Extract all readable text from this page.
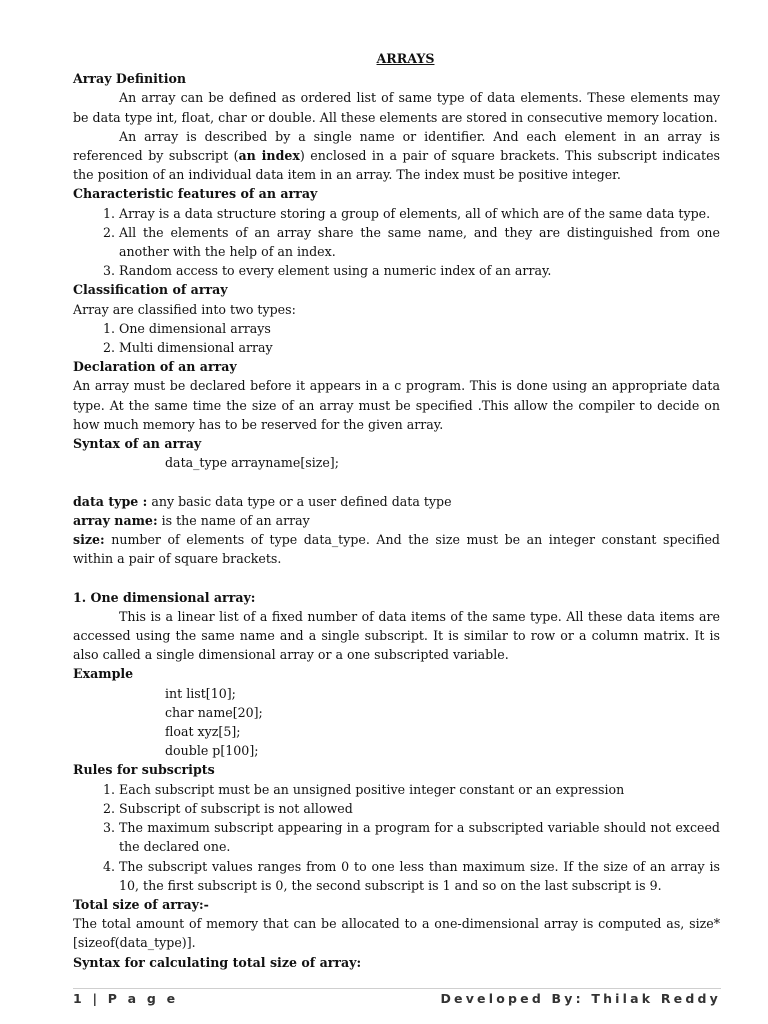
ARRAYS

Array Definition

An array can be defined as ordered list of same type of data elements. These elements may be data type int, float, char or double. All these elements are stored in consecutive memory location.

An array is described by a single name or identifier. And each element in an array is referenced by subscript (an index) enclosed in a pair of square brackets. This subscript indicates the position of an individual data item in an array. The index must be positive integer.

Characteristic features of an array

1. Array is a data structure storing a group of elements, all of which are of the same data type.
2. All the elements of an array share the same name, and they are distinguished from one another with the help of an index.
3. Random access to every element using a numeric index of an array.

Classification of array

Array are classified into two types:

1. One dimensional arrays
2. Multi dimensional array

Declaration of an array

An array must be declared before it appears in a c program. This is done using an appropriate data type. At the same time the size of an array must be specified .This allow the compiler to decide on how much memory has to be reserved for the given array.

Syntax of an array

data_type arrayname[size];

data type : any basic data type or a user defined data type

array name: is the name of an array

size: number of elements of type data_type. And the size must be an integer constant specified within a pair of square brackets.

1. One dimensional array:

This is a linear list of a fixed number of data items of the same type. All these data items are accessed using the same name and a single subscript. It is similar to row or a column matrix. It is also called a single dimensional array or a one subscripted variable.

Example

int list[10];

char name[20];

float xyz[5];

double p[100];

Rules for subscripts

1. Each subscript must be an unsigned positive integer constant or an expression
2. Subscript of subscript is not allowed
3. The maximum subscript appearing in a program for a subscripted variable should not exceed the declared one.
4. The subscript values ranges from 0 to one less than maximum size. If the size of an array is 10, the first subscript is 0, the second subscript is 1 and so on the last subscript is 9.

Total size of array:-

The total amount of memory that can be allocated to a one-dimensional array is computed as, size*[sizeof(data_type)].

Syntax for calculating total size of array:

1 | P a g e	Developed By: Thilak Reddy
